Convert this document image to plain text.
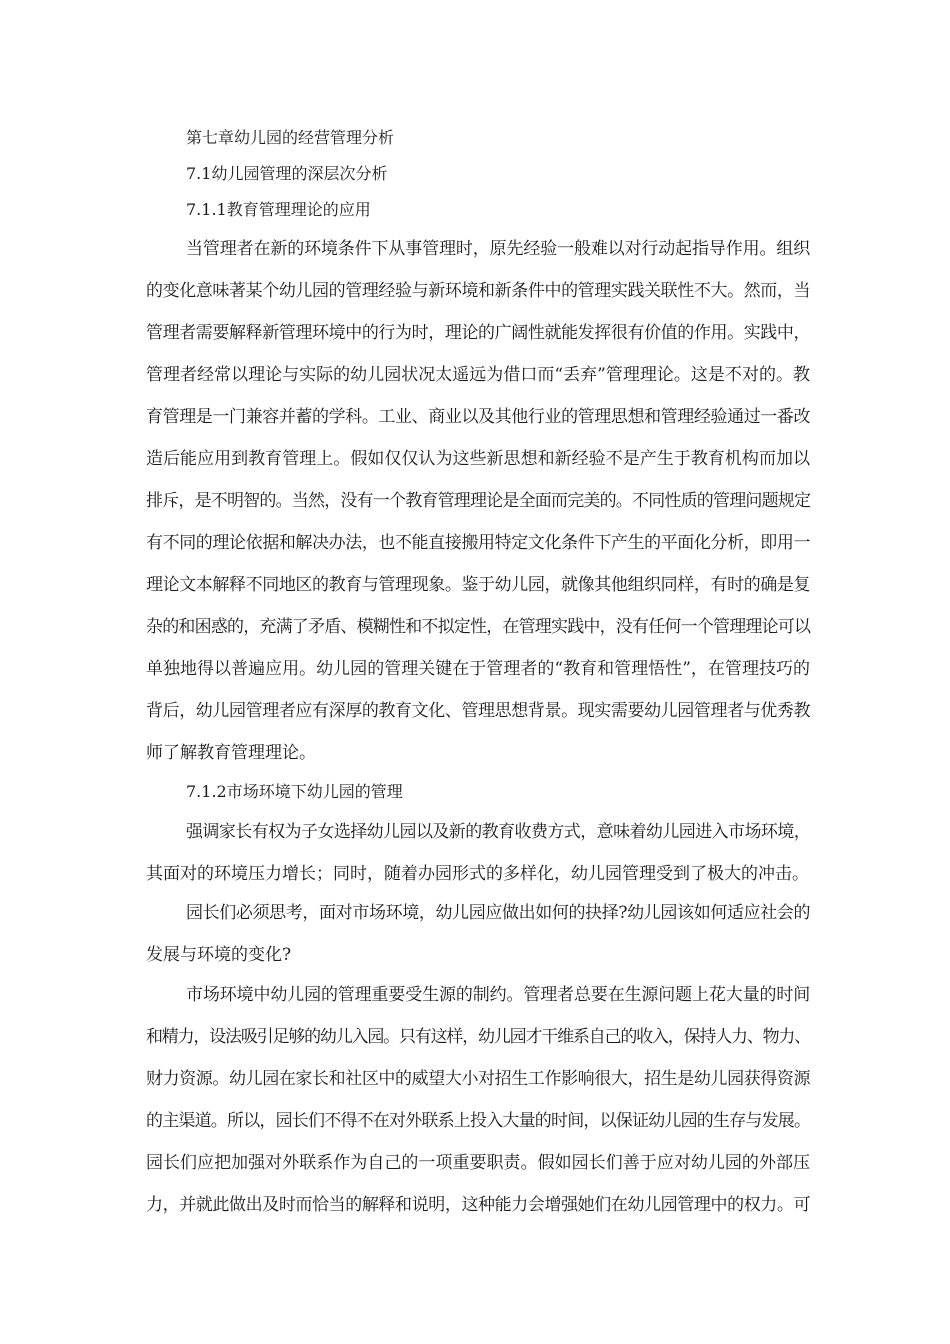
第七章幼儿园的经营管理分析
7.1幼儿园管理的深层次分析
7.1.1教育管理理论的应用
当管理者在新的环境条件下从事管理时，原先经验一般难以对行动起指导作用。组织
的变化意味著某个幼儿园的管理经验与新环境和新条件中的管理实践关联性不大。然而，当
管理者需要解释新管理环境中的行为时，理论的广阔性就能发挥很有价值的作用。实践中，
管理者经常以理论与实际的幼儿园状况太遥远为借口而“丢弃”管理理论。这是不对的。教
育管理是一门兼容并蓄的学科。工业、商业以及其他行业的管理思想和管理经验通过一番改
造后能应用到教育管理上。假如仅仅认为这些新思想和新经验不是产生于教育机构而加以
排斥，是不明智的。当然，没有一个教育管理理论是全面而完美的。不同性质的管理问题规定
有不同的理论依据和解决办法，也不能直接搬用特定文化条件下产生的平面化分析，即用一
理论文本解释不同地区的教育与管理现象。鉴于幼儿园，就像其他组织同样，有时的确是复
杂的和困惑的，充满了矛盾、模糊性和不拟定性，在管理实践中，没有任何一个管理理论可以
单独地得以普遍应用。幼儿园的管理关键在于管理者的“教育和管理悟性”，在管理技巧的
背后，幼儿园管理者应有深厚的教育文化、管理思想背景。现实需要幼儿园管理者与优秀教
师了解教育管理理论。
7.1.2市场环境下幼儿园的管理
强调家长有权为子女选择幼儿园以及新的教育收费方式，意味着幼儿园进入市场环境，
其面对的环境压力增长；同时，随着办园形式的多样化，幼儿园管理受到了极大的冲击。
园长们必须思考，面对市场环境，幼儿园应做出如何的抉择?幼儿园该如何适应社会的
发展与环境的变化?
市场环境中幼儿园的管理重要受生源的制约。管理者总要在生源问题上花大量的时间
和精力，设法吸引足够的幼儿入园。只有这样，幼儿园才干维系自己的收入，保持人力、物力、
财力资源。幼儿园在家长和社区中的威望大小对招生工作影响很大，招生是幼儿园获得资源
的主渠道。所以，园长们不得不在对外联系上投入大量的时间，以保证幼儿园的生存与发展。
园长们应把加强对外联系作为自己的一项重要职责。假如园长们善于应对幼儿园的外部压
力，并就此做出及时而恰当的解释和说明，这种能力会增强她们在幼儿园管理中的权力。可
